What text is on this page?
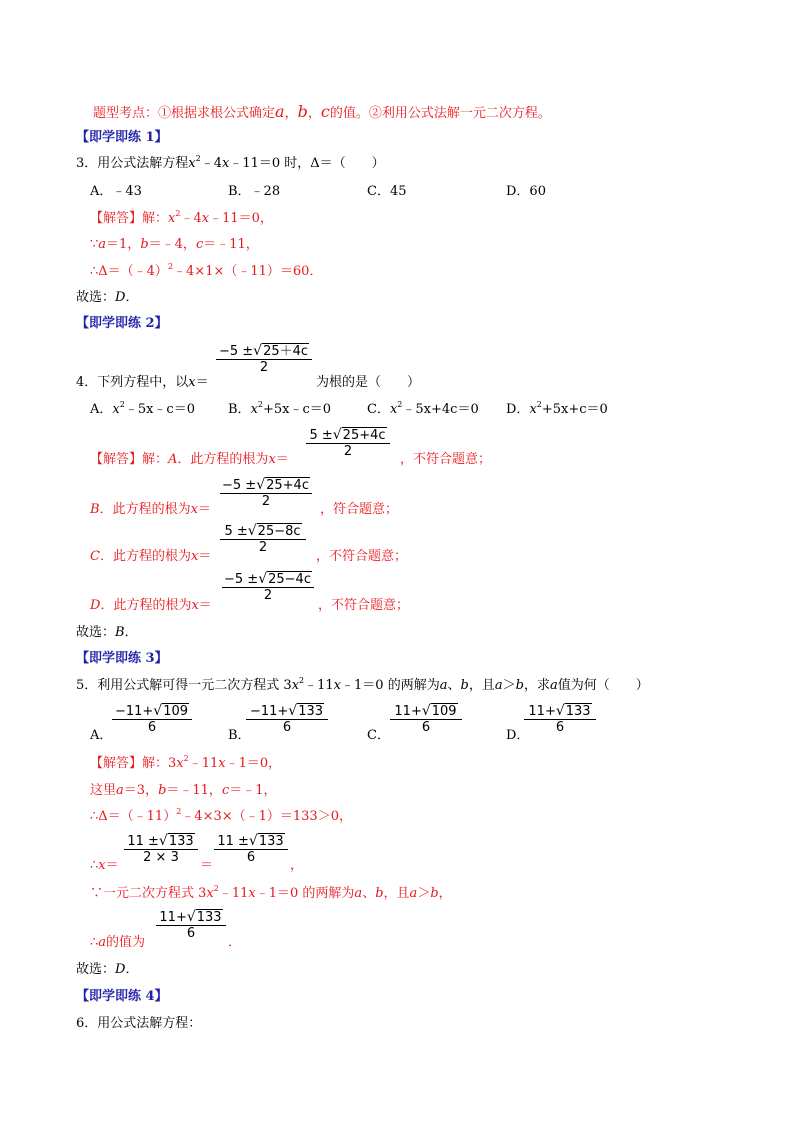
题型考点：①根据求根公式确定a，b，c的值。②利用公式法解一元二次方程。
【即学即练 1】
3．用公式法解方程$x^2﹣4x﹣11=0$ 时，Δ＝（　　）
A．﹣43	B．﹣28	C．45	D．60
【解答】解：$x^2﹣4x﹣11=0$，
∵a＝1，b＝﹣4，c＝﹣11，
∴Δ＝（﹣4）$^2$﹣4×1×（﹣11）＝60．
故选：D．
【即学即练 2】
−5 ±√25＋4c
2
4．下列方程中，以x＝	为根的是（　　）
A．$x^2﹣5x﹣c=0$	B．$x^2+5x﹣c=0$	C．$x^2﹣5x+4c=0$ D．$x^2+5x+c=0$
5 ±√25+4c
2
【解答】解：A．此方程的根为x＝	，不符合题意；
−5 ±√25+4c
2
B．此方程的根为x＝	，符合题意；
5 ±√25−8c
2
C．此方程的根为x＝	，不符合题意；
−5 ±√25−4c
2
D．此方程的根为x＝	，不符合题意；
故选：B．
【即学即练 3】
5．利用公式解可得一元二次方程式 $3x^2﹣11x﹣1=0$ 的两解为a、b，且a＞b，求a值为何（　　）
−11+√109
6
A．
−11+√133
6
B．
11+√109
6
C．
11+√133
6
D．
【解答】解：$3x^2﹣11x﹣1=0$，
这里a＝3，b＝﹣11，c＝﹣1，
∴Δ＝（﹣11）$^2$﹣4×3×（﹣1）＝133＞0，
11 ±√133
2 × 3
11 ±√133
6
∴x＝	＝	，
∵一元二次方程式 $3x^2﹣11x﹣1=0$ 的两解为a、b，且a＞b，
11+√133
6
∴a的值为	．
故选：D．
【即学即练 4】
6．用公式法解方程：
